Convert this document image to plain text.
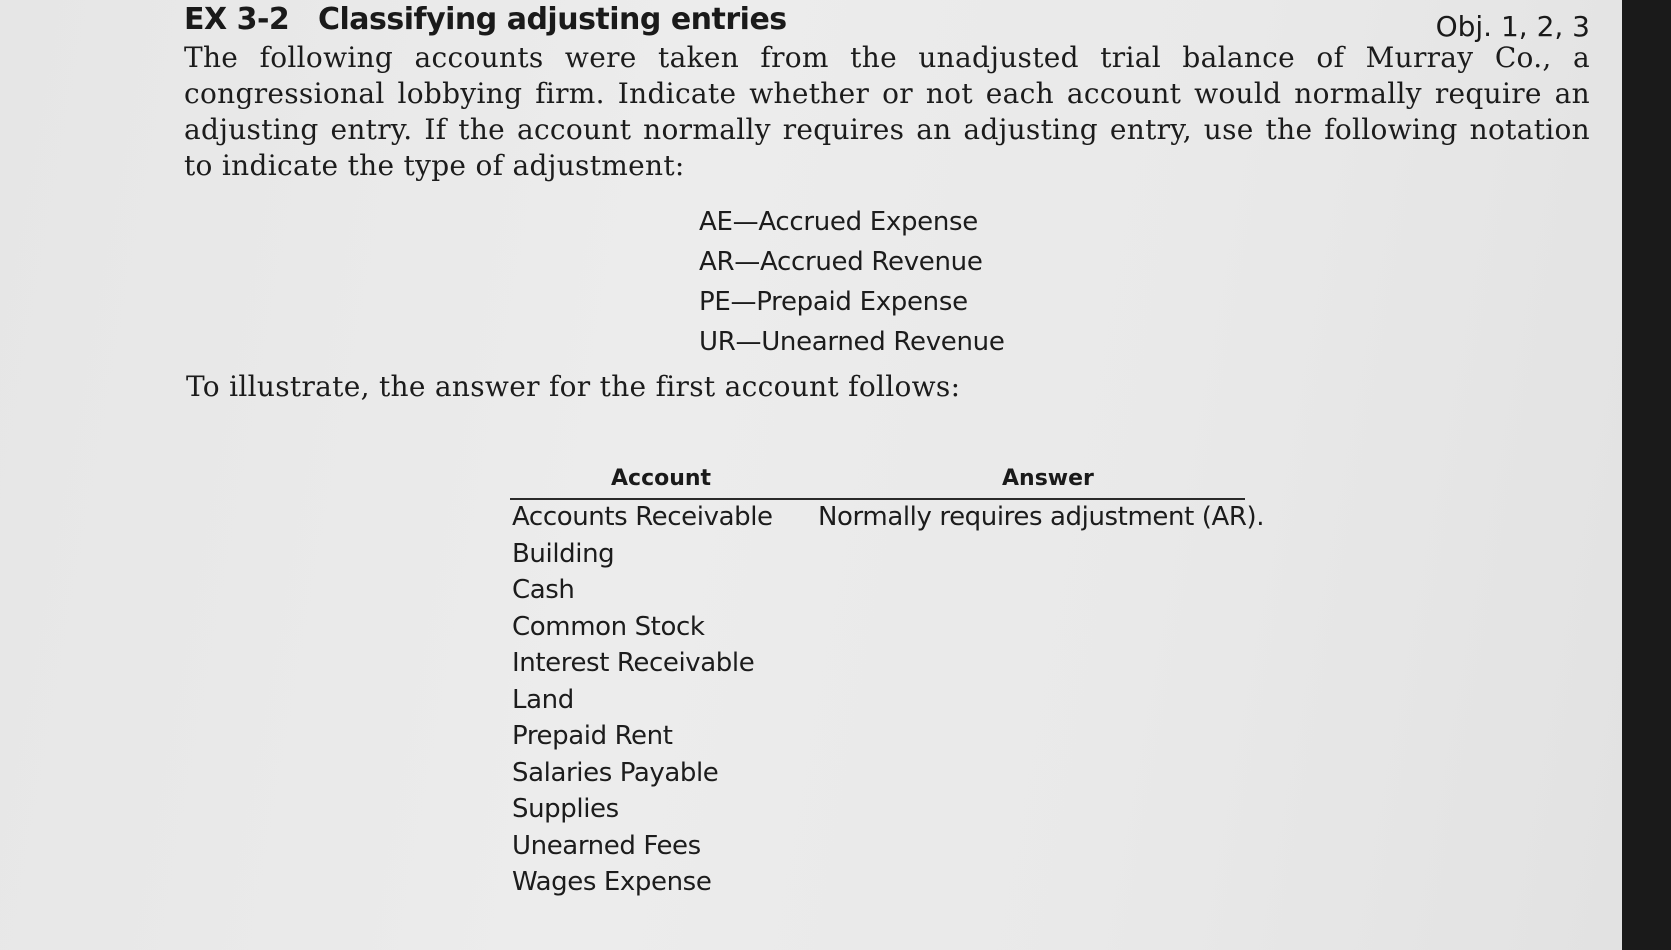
EX 3-2 Classifying adjusting entries	Obj. 1, 2, 3

The following accounts were taken from the unadjusted trial balance of Murray Co., a congressional lobbying firm. Indicate whether or not each account would normally require an adjusting entry. If the account normally requires an adjusting entry, use the following notation to indicate the type of adjustment:

AE—Accrued Expense
AR—Accrued Revenue
PE—Prepaid Expense
UR—Unearned Revenue

To illustrate, the answer for the first account follows:

Account	Answer
Accounts Receivable Normally requires adjustment (AR).
Building
Cash
Common Stock
Interest Receivable
Land
Prepaid Rent
Salaries Payable
Supplies
Unearned Fees
Wages Expense
